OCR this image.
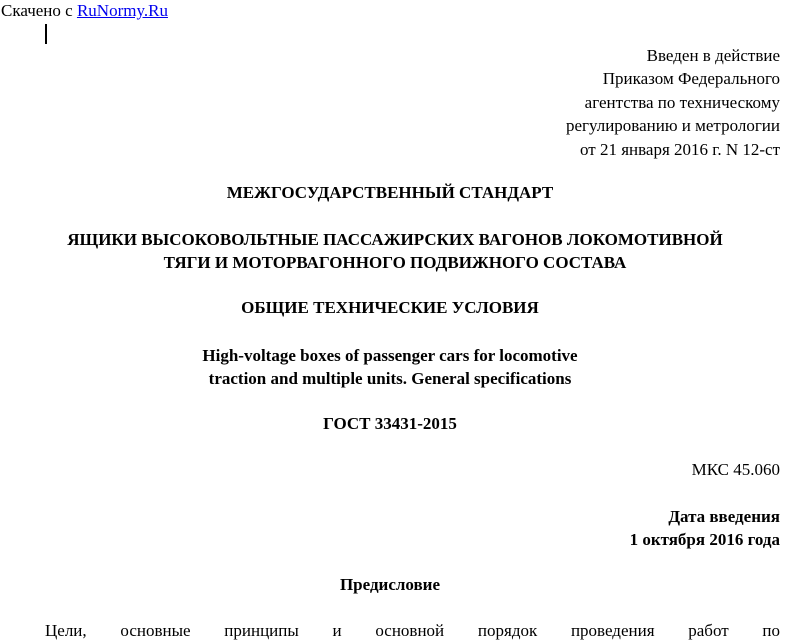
Скачено с RuNormy.Ru
Введен в действие
Приказом Федерального
агентства по техническому
регулированию и метрологии
от 21 января 2016 г. N 12-ст
МЕЖГОСУДАРСТВЕННЫЙ СТАНДАРТ
ЯЩИКИ ВЫСОКОВОЛЬТНЫЕ ПАССАЖИРСКИХ ВАГОНОВ ЛОКОМОТИВНОЙ
ТЯГИ И МОТОРВАГОННОГО ПОДВИЖНОГО СОСТАВА
ОБЩИЕ ТЕХНИЧЕСКИЕ УСЛОВИЯ
High-voltage boxes of passenger cars for locomotive
traction and multiple units. General specifications
ГОСТ 33431-2015
МКС 45.060
Дата введения
1 октября 2016 года
Предисловие
Цели, основные принципы и основной порядок проведения работ по
